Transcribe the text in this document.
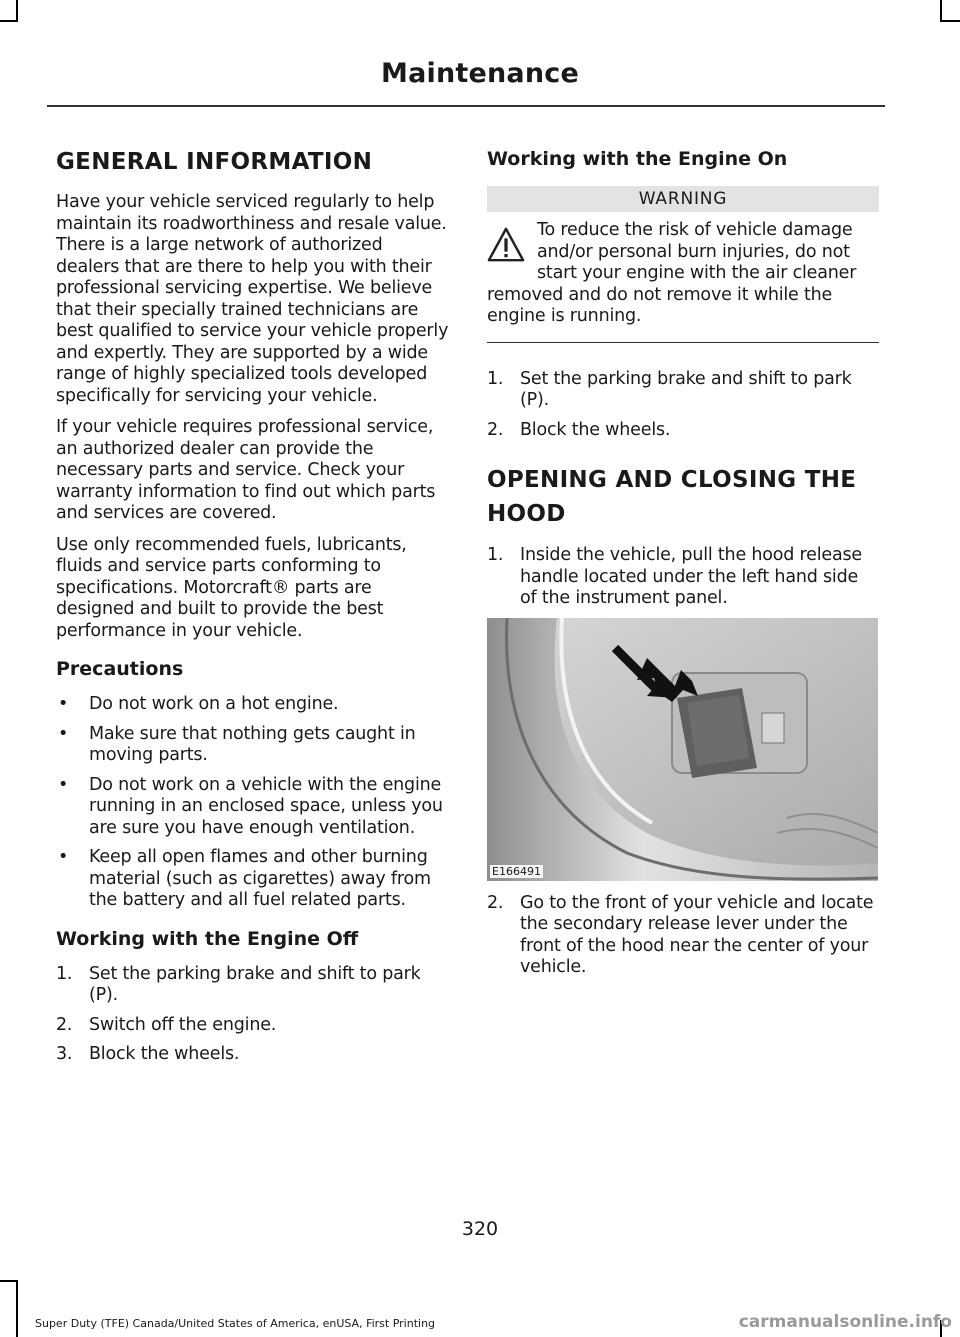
Maintenance
GENERAL INFORMATION

Have your vehicle serviced regularly to help maintain its roadworthiness and resale value. There is a large network of authorized dealers that are there to help you with their professional servicing expertise. We believe that their specially trained technicians are best qualified to service your vehicle properly and expertly. They are supported by a wide range of highly specialized tools developed specifically for servicing your vehicle.

If your vehicle requires professional service, an authorized dealer can provide the necessary parts and service. Check your warranty information to find out which parts and services are covered.

Use only recommended fuels, lubricants, fluids and service parts conforming to specifications. Motorcraft® parts are designed and built to provide the best performance in your vehicle.

Precautions
• Do not work on a hot engine.
• Make sure that nothing gets caught in moving parts.
• Do not work on a vehicle with the engine running in an enclosed space, unless you are sure you have enough ventilation.
• Keep all open flames and other burning material (such as cigarettes) away from the battery and all fuel related parts.
Working with the Engine Off
1. Set the parking brake and shift to park (P).
2. Switch off the engine.
3. Block the wheels.
Working with the Engine On
WARNING
To reduce the risk of vehicle damage and/or personal burn injuries, do not start your engine with the air cleaner removed and do not remove it while the engine is running.
1. Set the parking brake and shift to park (P).
2. Block the wheels.
OPENING AND CLOSING THE
HOOD
1. Inside the vehicle, pull the hood release handle located under the left hand side of the instrument panel.
E166491
2. Go to the front of your vehicle and locate the secondary release lever under the front of the hood near the center of your vehicle.
320
Super Duty (TFE) Canada/United States of America, enUSA, First Printing	carmanualsonline.info
